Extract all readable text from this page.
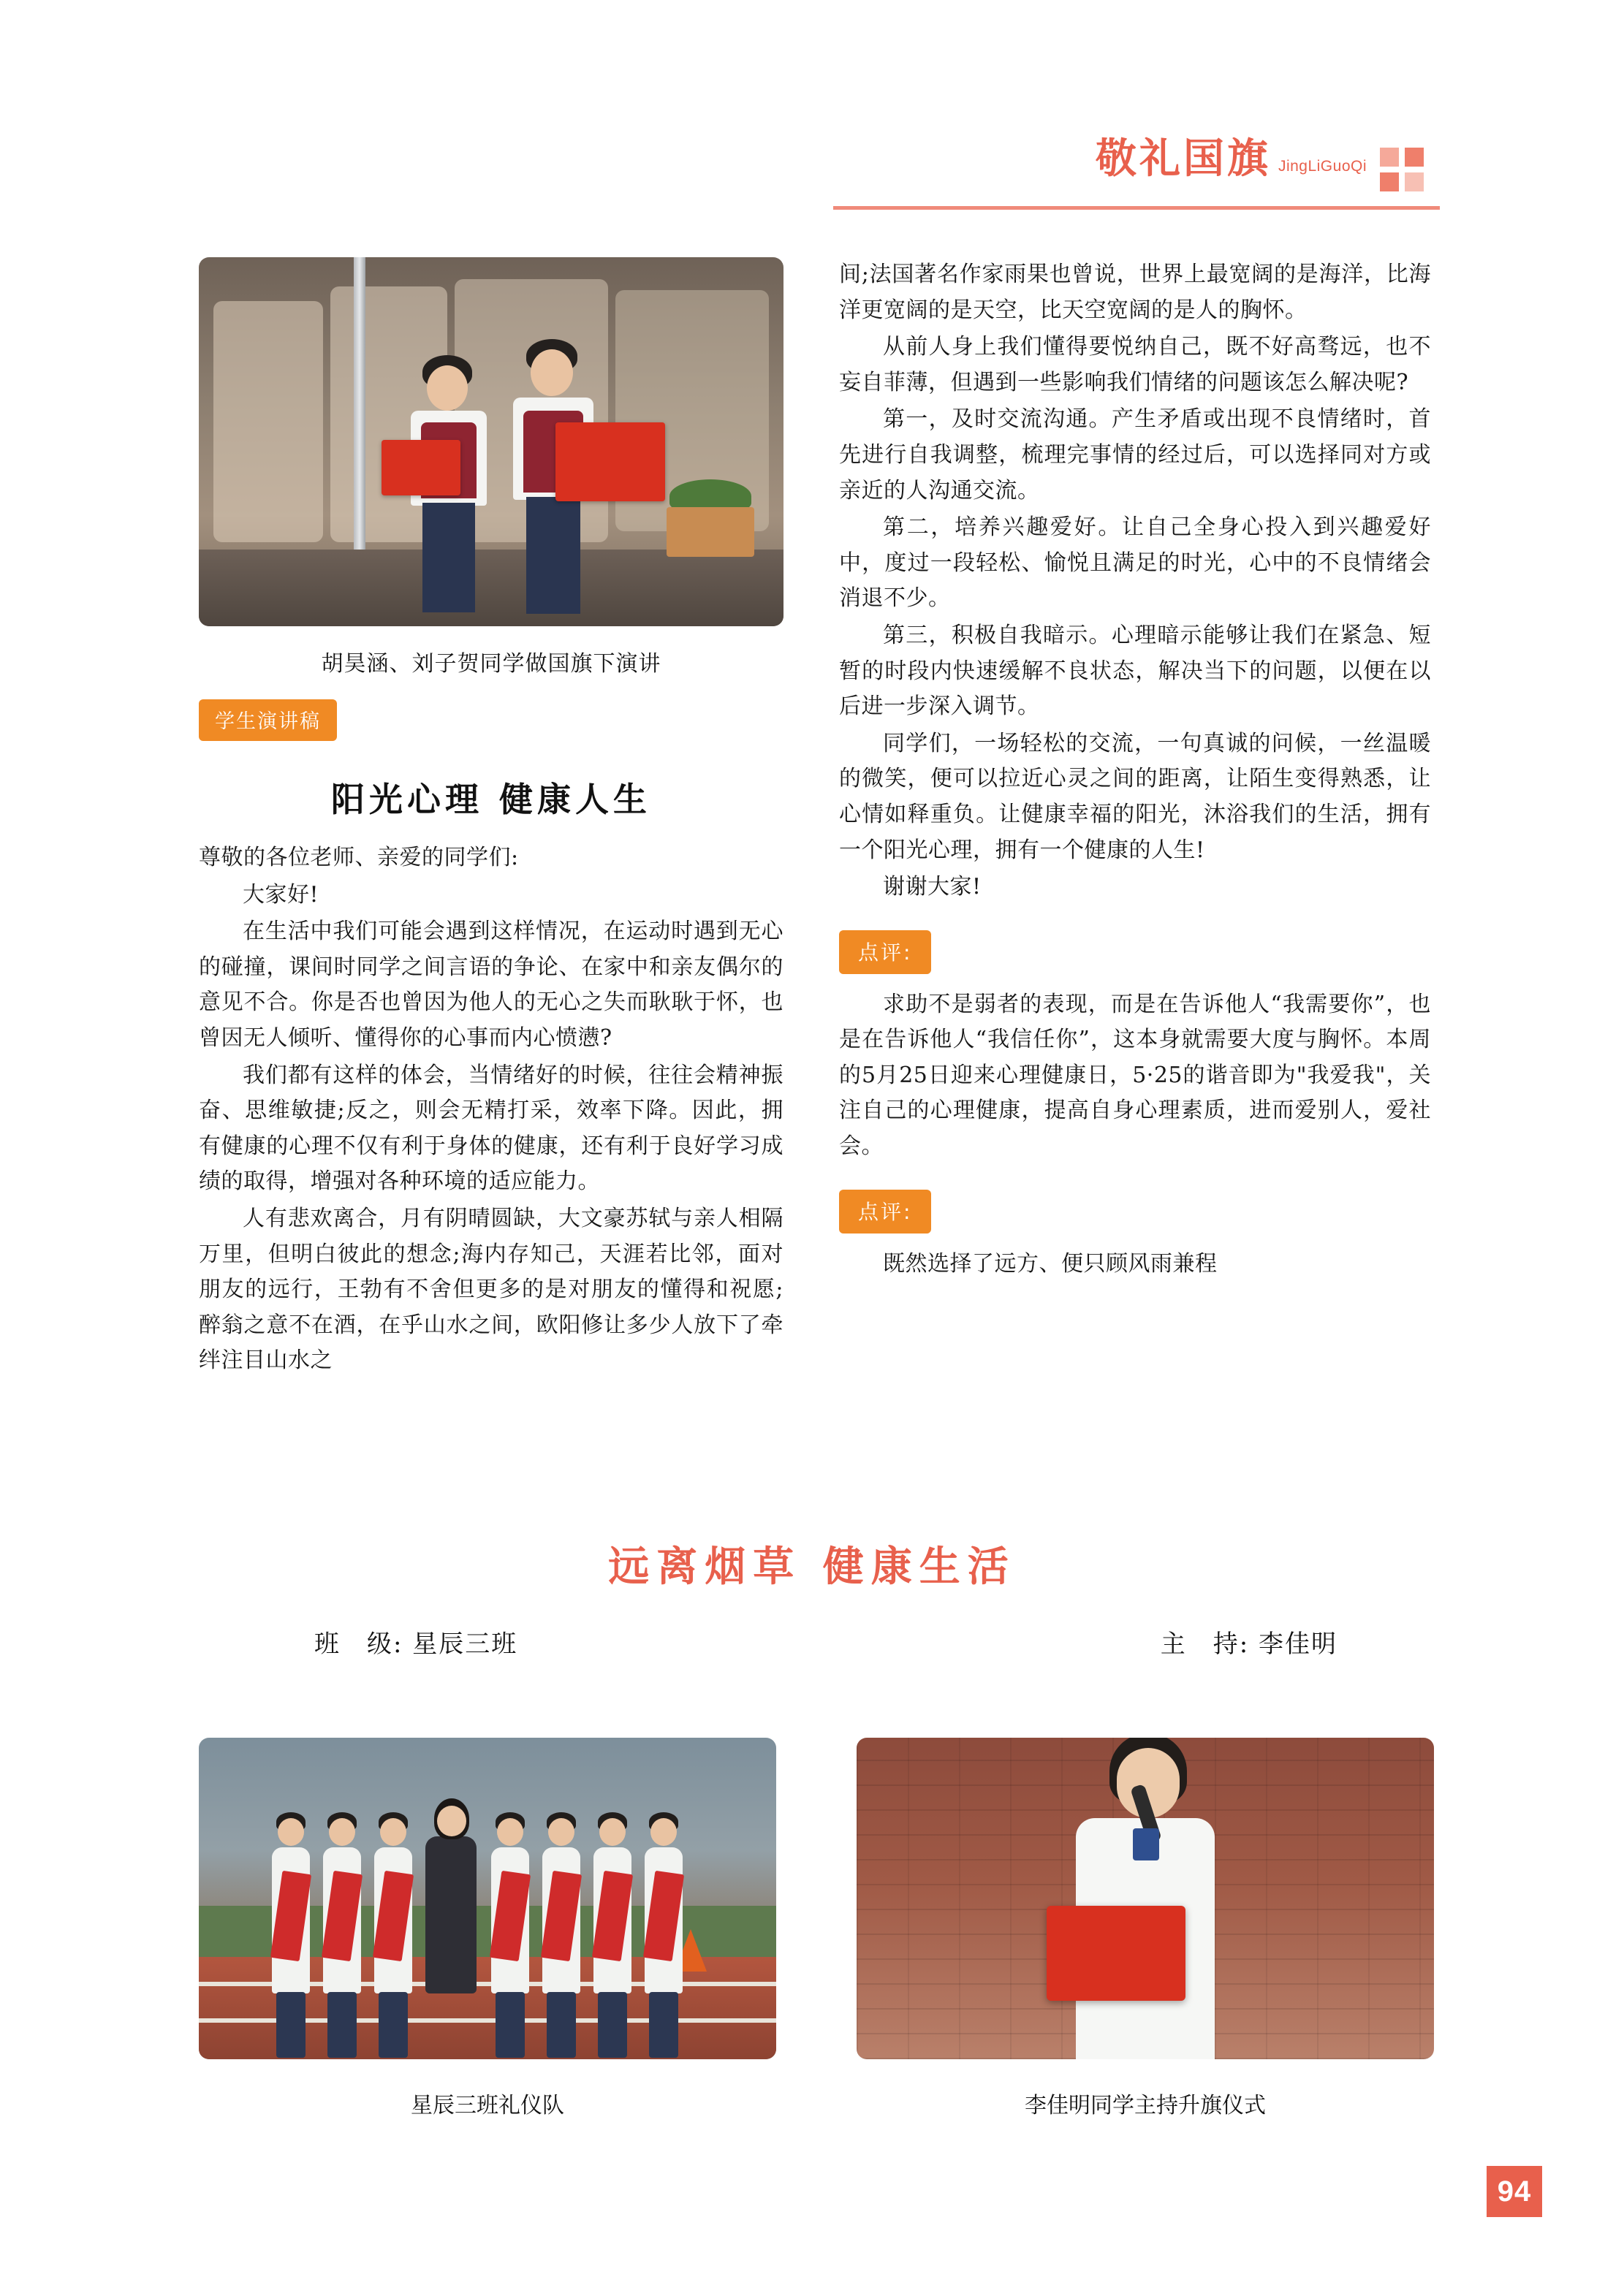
敬礼国旗 JingLiGuoQi
胡昊涵、刘子贺同学做国旗下演讲
学生演讲稿
阳光心理 健康人生

尊敬的各位老师、亲爱的同学们:

大家好!

在生活中我们可能会遇到这样情况，在运动时遇到无心的碰撞，课间时同学之间言语的争论、在家中和亲友偶尔的意见不合。你是否也曾因为他人的无心之失而耿耿于怀，也曾因无人倾听、懂得你的心事而内心愤懑?

我们都有这样的体会，当情绪好的时候，往往会精神振奋、思维敏捷;反之，则会无精打采，效率下降。因此，拥有健康的心理不仅有利于身体的健康，还有利于良好学习成绩的取得，增强对各种环境的适应能力。

人有悲欢离合，月有阴晴圆缺，大文豪苏轼与亲人相隔万里，但明白彼此的想念;海内存知己，天涯若比邻，面对朋友的远行，王勃有不舍但更多的是对朋友的懂得和祝愿;醉翁之意不在酒，在乎山水之间，欧阳修让多少人放下了牵绊注目山水之

间;法国著名作家雨果也曾说，世界上最宽阔的是海洋，比海洋更宽阔的是天空，比天空宽阔的是人的胸怀。

从前人身上我们懂得要悦纳自己，既不好高骛远，也不妄自菲薄，但遇到一些影响我们情绪的问题该怎么解决呢?

第一，及时交流沟通。产生矛盾或出现不良情绪时，首先进行自我调整，梳理完事情的经过后，可以选择同对方或亲近的人沟通交流。

第二，培养兴趣爱好。让自己全身心投入到兴趣爱好中，度过一段轻松、愉悦且满足的时光，心中的不良情绪会消退不少。

第三，积极自我暗示。心理暗示能够让我们在紧急、短暂的时段内快速缓解不良状态，解决当下的问题，以便在以后进一步深入调节。

同学们，一场轻松的交流，一句真诚的问候，一丝温暖的微笑，便可以拉近心灵之间的距离，让陌生变得熟悉，让心情如释重负。让健康幸福的阳光，沐浴我们的生活，拥有一个阳光心理，拥有一个健康的人生!

谢谢大家!

点评:

求助不是弱者的表现，而是在告诉他人“我需要你”，也是在告诉他人“我信任你”，这本身就需要大度与胸怀。本周的5月25日迎来心理健康日，5·25的谐音即为"我爱我"，关注自己的心理健康，提高自身心理素质，进而爱别人，爱社会。

点评:

既然选择了远方、便只顾风雨兼程

远离烟草 健康生活
班　级: 星辰三班	主　持: 李佳明
星辰三班礼仪队	李佳明同学主持升旗仪式
94
